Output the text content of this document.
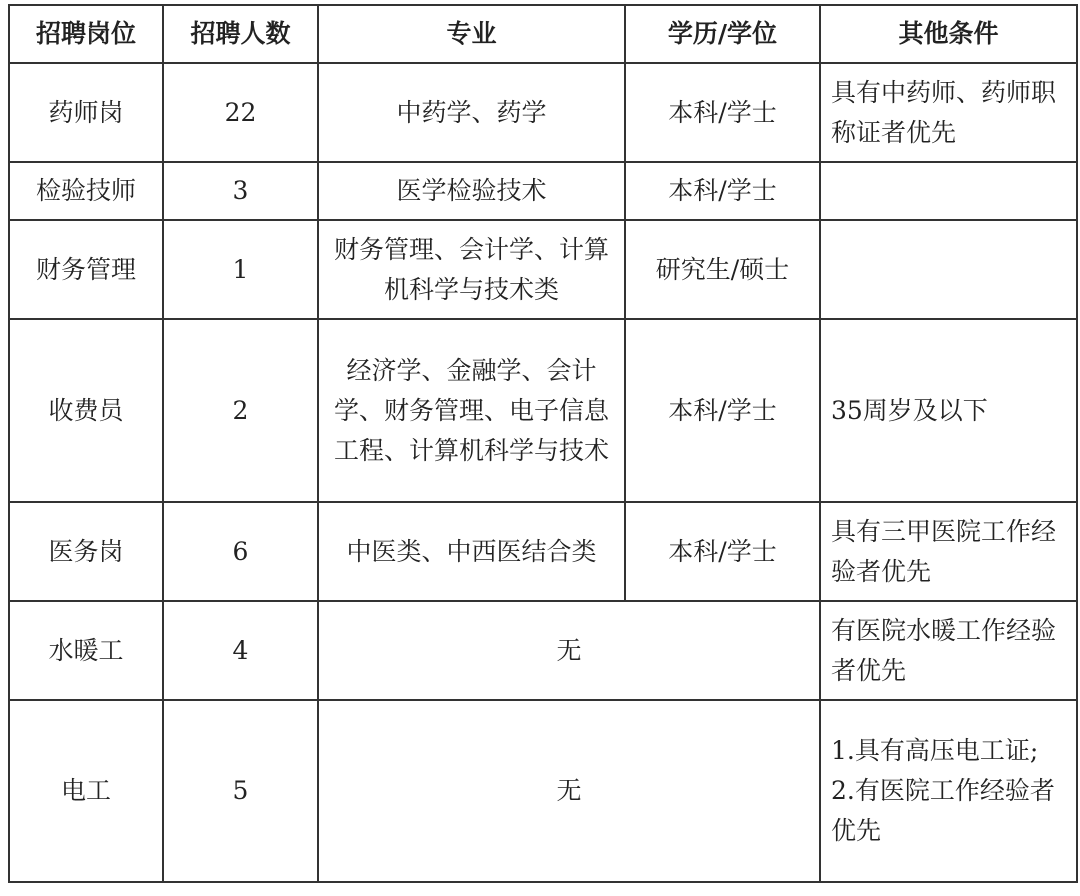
招聘岗位	招聘人数	专业	学历/学位	其他条件
药师岗	22	中药学、药学	本科/学士	具有中药师、药师职称证者优先
检验技师	3	医学检验技术	本科/学士	
财务管理	1	财务管理、会计学、计算机科学与技术类	研究生/硕士	
收费员	2	经济学、金融学、会计学、财务管理、电子信息工程、计算机科学与技术	本科/学士	35周岁及以下
医务岗	6	中医类、中西医结合类	本科/学士	具有三甲医院工作经验者优先
水暖工	4	无		有医院水暖工作经验者优先
电工	5	无		1.具有高压电工证;
2.有医院工作经验者优先
